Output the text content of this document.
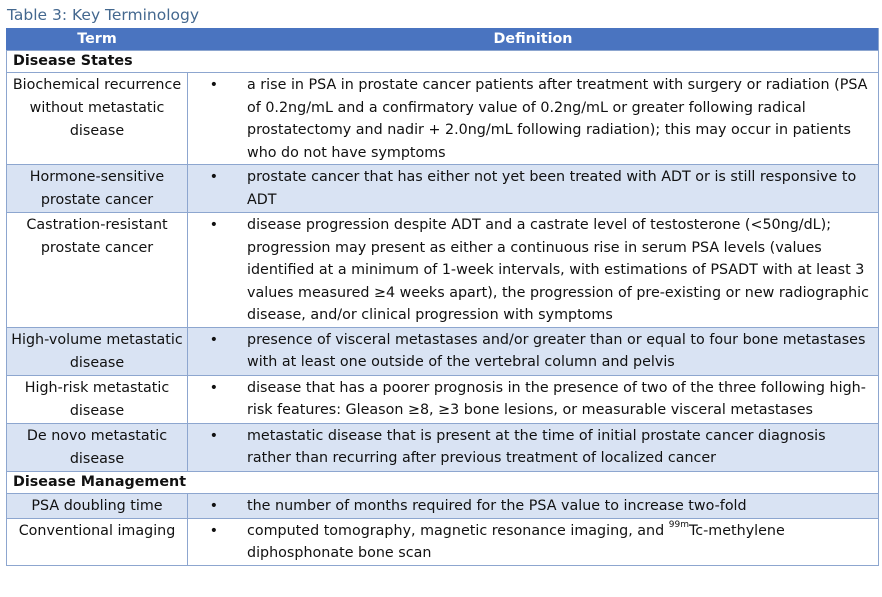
Table 3: Key Terminology
Term	Definition
Disease States	
Biochemical recurrence without metastatic disease	• a rise in PSA in prostate cancer patients after treatment with surgery or radiation (PSA of 0.2ng/mL and a confirmatory value of 0.2ng/mL or greater following radical prostatectomy and nadir + 2.0ng/mL following radiation); this may occur in patients who do not have symptoms

Hormone-sensitive prostate cancer	• prostate cancer that has either not yet been treated with ADT or is still responsive to ADT

Castration-resistant prostate cancer	• disease progression despite ADT and a castrate level of testosterone (<50ng/dL); progression may present as either a continuous rise in serum PSA levels (values identified at a minimum of 1-week intervals, with estimations of PSADT with at least 3 values measured ≥4 weeks apart), the progression of pre-existing or new radiographic disease, and/or clinical progression with symptoms

High-volume metastatic disease	• presence of visceral metastases and/or greater than or equal to four bone metastases with at least one outside of the vertebral column and pelvis

High-risk metastatic disease	• disease that has a poorer prognosis in the presence of two of the three following high-risk features: Gleason ≥8, ≥3 bone lesions, or measurable visceral metastases

De novo metastatic disease	• metastatic disease that is present at the time of initial prostate cancer diagnosis rather than recurring after previous treatment of localized cancer

Disease Management	
PSA doubling time	• the number of months required for the PSA value to increase two-fold

Conventional imaging	• computed tomography, magnetic resonance imaging, and $^{99m}$Tc-methylene diphosphonate bone scan
